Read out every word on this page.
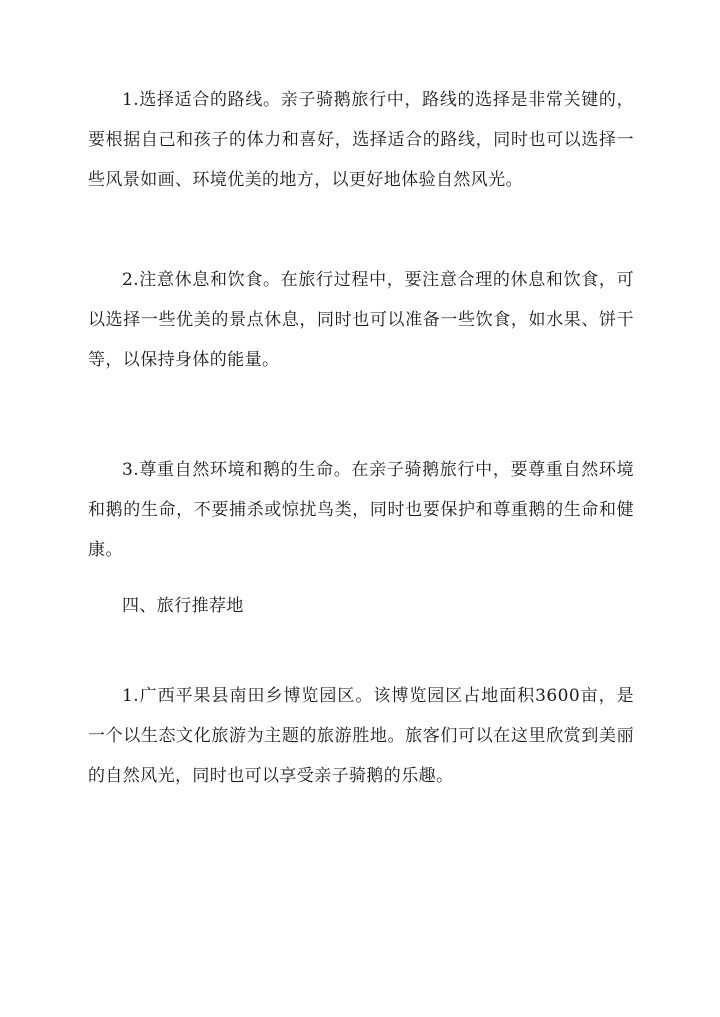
1.选择适合的路线。亲子骑鹅旅行中，路线的选择是非常关键的，要根据自己和孩子的体力和喜好，选择适合的路线，同时也可以选择一些风景如画、环境优美的地方，以更好地体验自然风光。

2.注意休息和饮食。在旅行过程中，要注意合理的休息和饮食，可以选择一些优美的景点休息，同时也可以准备一些饮食，如水果、饼干等，以保持身体的能量。

3.尊重自然环境和鹅的生命。在亲子骑鹅旅行中，要尊重自然环境和鹅的生命，不要捕杀或惊扰鸟类，同时也要保护和尊重鹅的生命和健康。

四、旅行推荐地

1.广西平果县南田乡博览园区。该博览园区占地面积3600亩，是一个以生态文化旅游为主题的旅游胜地。旅客们可以在这里欣赏到美丽的自然风光，同时也可以享受亲子骑鹅的乐趣。
